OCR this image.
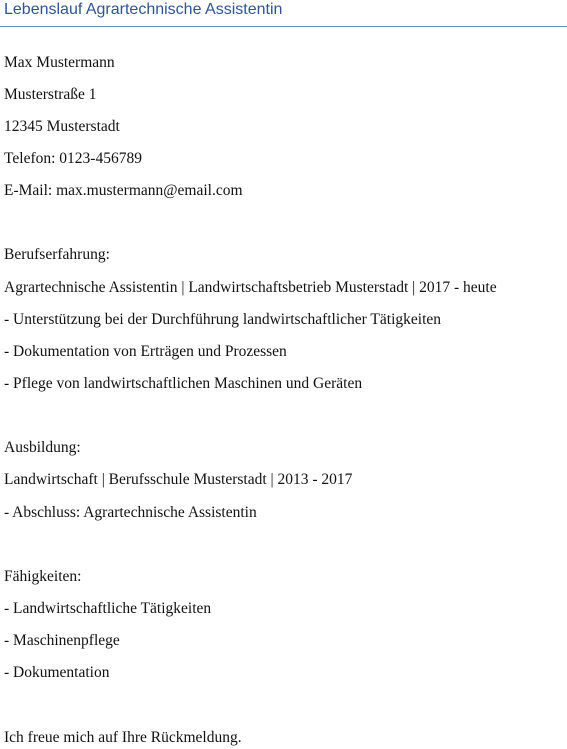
Lebenslauf Agrartechnische Assistentin
Max Mustermann
Musterstraße 1
12345 Musterstadt
Telefon: 0123-456789
E-Mail: max.mustermann@email.com
Berufserfahrung:
Agrartechnische Assistentin | Landwirtschaftsbetrieb Musterstadt | 2017 - heute
- Unterstützung bei der Durchführung landwirtschaftlicher Tätigkeiten
- Dokumentation von Erträgen und Prozessen
- Pflege von landwirtschaftlichen Maschinen und Geräten
Ausbildung:
Landwirtschaft | Berufsschule Musterstadt | 2013 - 2017
- Abschluss: Agrartechnische Assistentin
Fähigkeiten:
- Landwirtschaftliche Tätigkeiten
- Maschinenpflege
- Dokumentation
Ich freue mich auf Ihre Rückmeldung.
